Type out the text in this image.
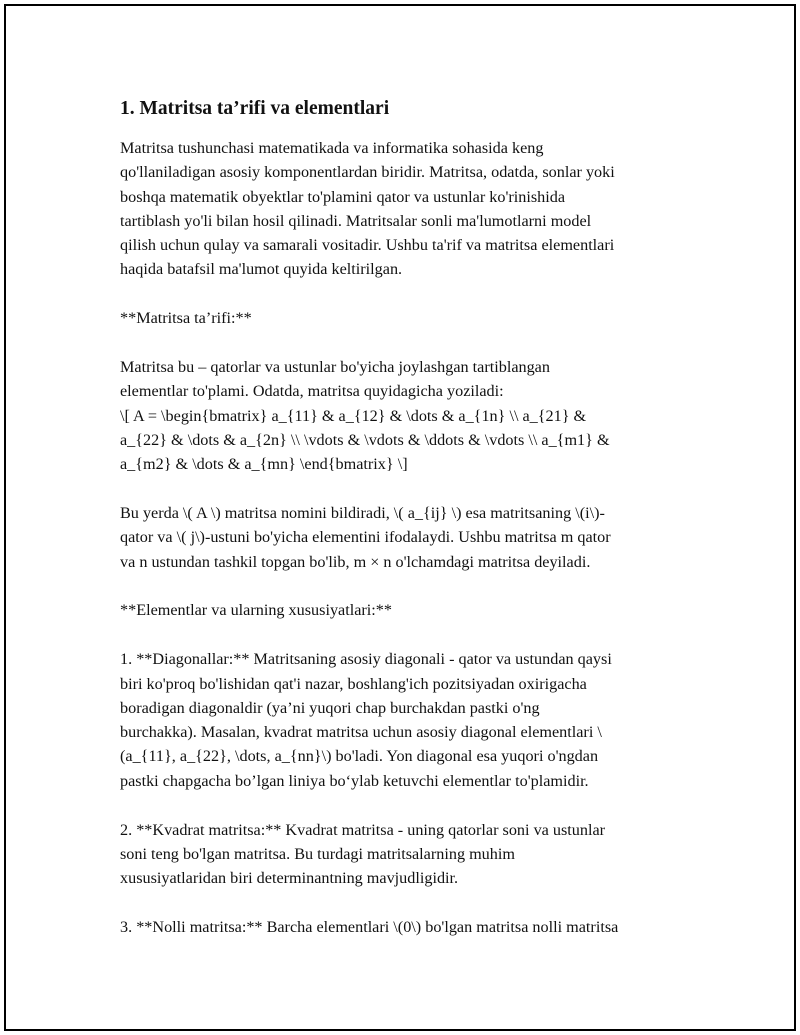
1. Matritsa ta’rifi va elementlari

Matritsa tushunchasi matematikada va informatika sohasida keng
qo'llaniladigan asosiy komponentlardan biridir. Matritsa, odatda, sonlar yoki
boshqa matematik obyektlar to'plamini qator va ustunlar ko'rinishida
tartiblash yo'li bilan hosil qilinadi. Matritsalar sonli ma'lumotlarni model
qilish uchun qulay va samarali vositadir. Ushbu ta'rif va matritsa elementlari
haqida batafsil ma'lumot quyida keltirilgan.

**Matritsa ta’rifi:**

Matritsa bu – qatorlar va ustunlar bo'yicha joylashgan tartiblangan
elementlar to'plami. Odatda, matritsa quyidagicha yoziladi:
\[ A = \begin{bmatrix} a_{11} & a_{12} & \dots & a_{1n} \\ a_{21} &
a_{22} & \dots & a_{2n} \\ \vdots & \vdots & \ddots & \vdots \\ a_{m1} &
a_{m2} & \dots & a_{mn} \end{bmatrix} \]

Bu yerda \( A \) matritsa nomini bildiradi, \( a_{ij} \) esa matritsaning \(i\)-
qator va \( j\)-ustuni bo'yicha elementini ifodalaydi. Ushbu matritsa m qator
va n ustundan tashkil topgan bo'lib, m × n o'lchamdagi matritsa deyiladi.

**Elementlar va ularning xususiyatlari:**

1. **Diagonallar:** Matritsaning asosiy diagonali - qator va ustundan qaysi
biri ko'proq bo'lishidan qat'i nazar, boshlang'ich pozitsiyadan oxirigacha
boradigan diagonaldir (ya’ni yuqori chap burchakdan pastki o'ng
burchakka). Masalan, kvadrat matritsa uchun asosiy diagonal elementlari \
(a_{11}, a_{22}, \dots, a_{nn}\) bo'ladi. Yon diagonal esa yuqori o'ngdan
pastki chapgacha bo’lgan liniya bo‘ylab ketuvchi elementlar to'plamidir.

2. **Kvadrat matritsa:** Kvadrat matritsa - uning qatorlar soni va ustunlar
soni teng bo'lgan matritsa. Bu turdagi matritsalarning muhim
xususiyatlaridan biri determinantning mavjudligidir.

3. **Nolli matritsa:** Barcha elementlari \(0\) bo'lgan matritsa nolli matritsa
